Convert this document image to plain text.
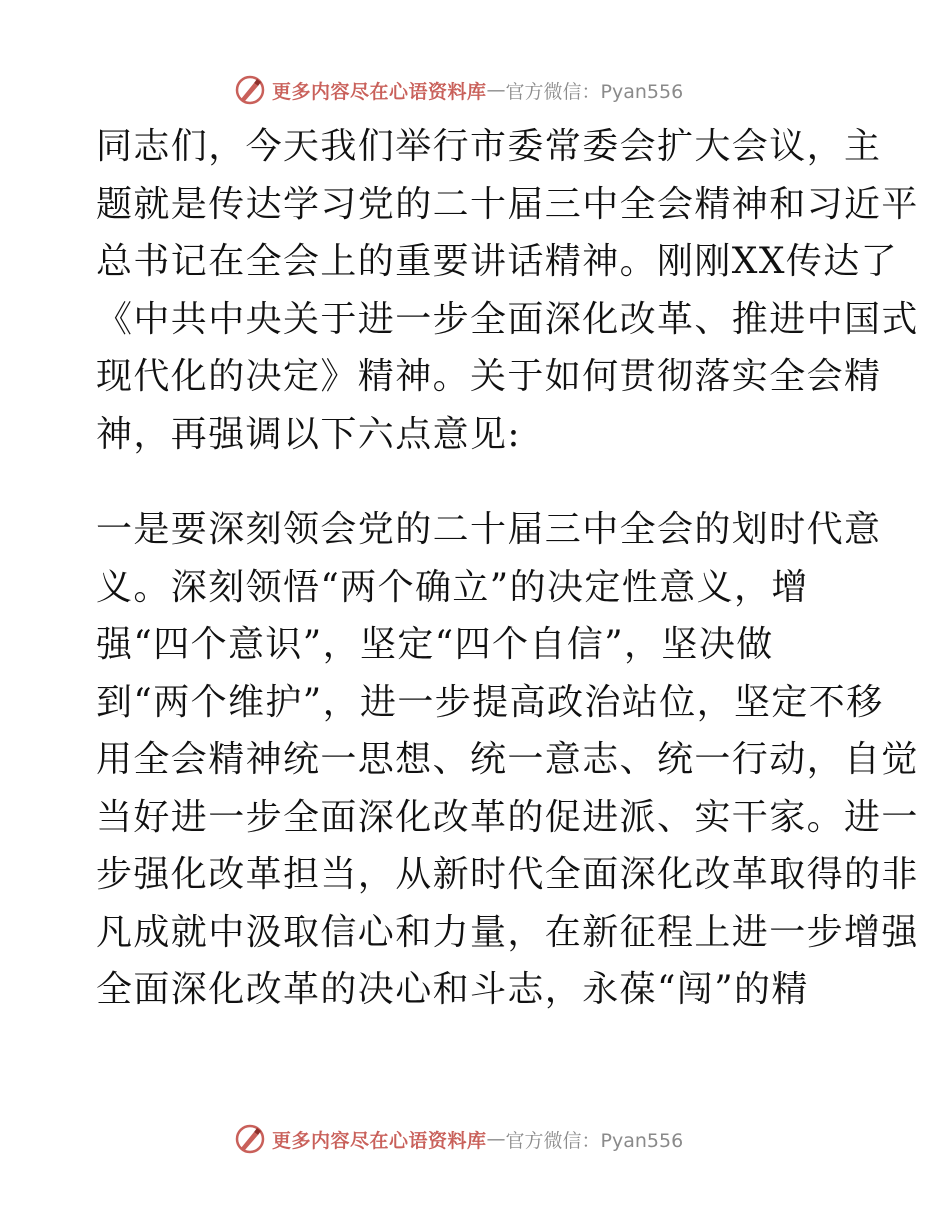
更多内容尽在心语资料库 — 官方微信：Pyan556

同志们，今天我们举行市委常委会扩大会议，主
题就是传达学习党的二十届三中全会精神和习近平
总书记在全会上的重要讲话精神。刚刚XX传达了
《中共中央关于进一步全面深化改革、推进中国式
现代化的决定》精神。关于如何贯彻落实全会精
神，再强调以下六点意见:

一是要深刻领会党的二十届三中全会的划时代意
义。深刻领悟“两个确立”的决定性意义，增
强“四个意识”，坚定“四个自信”，坚决做
到“两个维护”，进一步提高政治站位，坚定不移
用全会精神统一思想、统一意志、统一行动，自觉
当好进一步全面深化改革的促进派、实干家。进一
步强化改革担当，从新时代全面深化改革取得的非
凡成就中汲取信心和力量，在新征程上进一步增强
全面深化改革的决心和斗志，永葆“闯”的精

更多内容尽在心语资料库 — 官方微信：Pyan556
